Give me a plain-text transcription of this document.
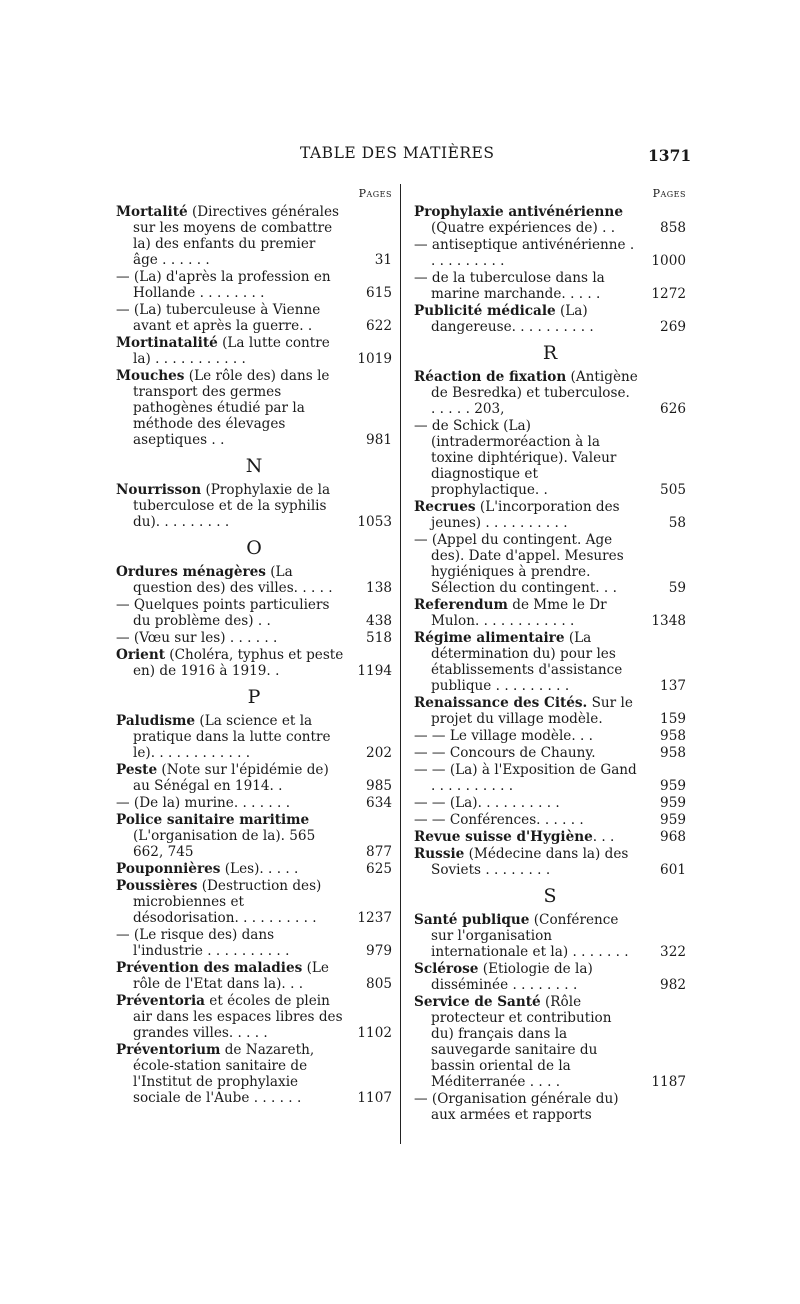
TABLE DES MATIÈRES	1371
Pages
Mortalité (Directives générales sur les moyens de combattre la) des enfants du premier âge . . . . . .	31
— (La) d'après la profession en Hollande . . . . . . . .	615
— (La) tuberculeuse à Vienne avant et après la guerre. .	622
Mortinatalité (La lutte contre la) . . . . . . . . . . .	1019
Mouches (Le rôle des) dans le transport des germes pathogènes étudié par la méthode des élevages aseptiques . .	981
N
Nourrisson (Prophylaxie de la tuberculose et de la syphilis du). . . . . . . . .	1053
O
Ordures ménagères (La question des) des villes. . . . .	138
— Quelques points particuliers du problème des) . .	438
— (Vœu sur les) . . . . . .	518
Orient (Choléra, typhus et peste en) de 1916 à 1919. .	1194
P
Paludisme (La science et la pratique dans la lutte contre le). . . . . . . . . . . .	202
Peste (Note sur l'épidémie de) au Sénégal en 1914. .	985
— (De la) murine. . . . . . .	634
Police sanitaire maritime (L'organisation de la). 565 662, 745	877
Pouponnières (Les). . . . .	625
Poussières (Destruction des) microbiennes et désodorisation. . . . . . . . . .	1237
— (Le risque des) dans l'industrie . . . . . . . . . .	979
Prévention des maladies (Le rôle de l'Etat dans la). . .	805
Préventoria et écoles de plein air dans les espaces libres des grandes villes. . . . .	1102
Préventorium de Nazareth, école-station sanitaire de l'Institut de prophylaxie sociale de l'Aube . . . . . .	1107
Pages
Prophylaxie antivénérienne (Quatre expériences de) . .	858
— antiseptique antivénérienne . . . . . . . . . .	1000
— de la tuberculose dans la marine marchande. . . . .	1272
Publicité médicale (La) dangereuse. . . . . . . . . .	269
R
Réaction de fixation (Antigène de Besredka) et tuberculose. . . . . . 203,	626
— de Schick (La) (intradermoréaction à la toxine diphtérique). Valeur diagnostique et prophylactique. .	505
Recrues (L'incorporation des jeunes) . . . . . . . . . .	58
— (Appel du contingent. Age des). Date d'appel. Mesures hygiéniques à prendre. Sélection du contingent. . .	59
Referendum de Mme le Dr Mulon. . . . . . . . . . . .	1348
Régime alimentaire (La détermination du) pour les établissements d'assistance publique . . . . . . . . .	137
Renaissance des Cités. Sur le projet du village modèle.	159
— — Le village modèle. . .	958
— — Concours de Chauny.	958
— — (La) à l'Exposition de Gand . . . . . . . . . .	959
— — (La). . . . . . . . . .	959
— — Conférences. . . . . .	959
Revue suisse d'Hygiène. . .	968
Russie (Médecine dans la) des Soviets . . . . . . . .	601
S
Santé publique (Conférence sur l'organisation internationale et la) . . . . . . .	322
Sclérose (Etiologie de la) disséminée . . . . . . . .	982
Service de Santé (Rôle protecteur et contribution du) français dans la sauvegarde sanitaire du bassin oriental de la Méditerranée . . . .	1187
— (Organisation générale du) aux armées et rapports
